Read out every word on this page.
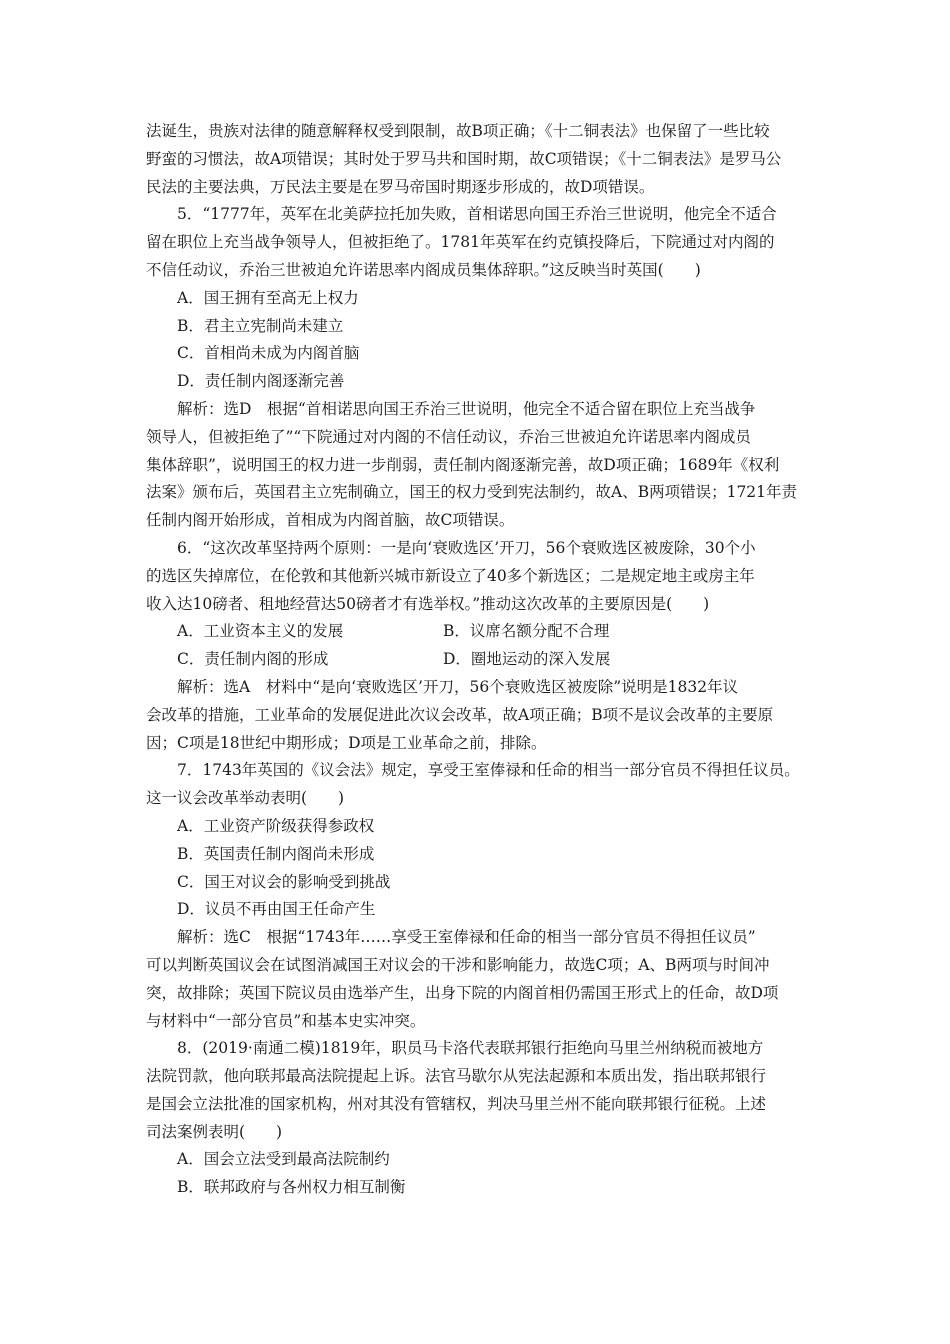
法诞生，贵族对法律的随意解释权受到限制，故B项正确；《十二铜表法》也保留了一些比较
野蛮的习惯法，故A项错误；其时处于罗马共和国时期，故C项错误；《十二铜表法》是罗马公
民法的主要法典，万民法主要是在罗马帝国时期逐步形成的，故D项错误。
5．“1777年，英军在北美萨拉托加失败，首相诺思向国王乔治三世说明，他完全不适合
留在职位上充当战争领导人，但被拒绝了。1781年英军在约克镇投降后，下院通过对内阁的
不信任动议，乔治三世被迫允许诺思率内阁成员集体辞职。”这反映当时英国(　　)
A．国王拥有至高无上权力
B．君主立宪制尚未建立
C．首相尚未成为内阁首脑
D．责任制内阁逐渐完善
解析：选D　根据“首相诺思向国王乔治三世说明，他完全不适合留在职位上充当战争
领导人，但被拒绝了”“下院通过对内阁的不信任动议，乔治三世被迫允许诺思率内阁成员
集体辞职”，说明国王的权力进一步削弱，责任制内阁逐渐完善，故D项正确；1689年《权利
法案》颁布后，英国君主立宪制确立，国王的权力受到宪法制约，故A、B两项错误；1721年责
任制内阁开始形成，首相成为内阁首脑，故C项错误。
6．“这次改革坚持两个原则：一是向‘衰败选区’开刀，56个衰败选区被废除，30个小
的选区失掉席位，在伦敦和其他新兴城市新设立了40多个新选区；二是规定地主或房主年
收入达10磅者、租地经营达50磅者才有选举权。”推动这次改革的主要原因是(　　)
A．工业资本主义的发展	B．议席名额分配不合理
C．责任制内阁的形成	D．圈地运动的深入发展
解析：选A　材料中“是向‘衰败选区’开刀，56个衰败选区被废除”说明是1832年议
会改革的措施，工业革命的发展促进此次议会改革，故A项正确；B项不是议会改革的主要原
因；C项是18世纪中期形成；D项是工业革命之前，排除。
7．1743年英国的《议会法》规定，享受王室俸禄和任命的相当一部分官员不得担任议员。
这一议会改革举动表明(　　)
A．工业资产阶级获得参政权
B．英国责任制内阁尚未形成
C．国王对议会的影响受到挑战
D．议员不再由国王任命产生
解析：选C　根据“1743年……享受王室俸禄和任命的相当一部分官员不得担任议员”
可以判断英国议会在试图消减国王对议会的干涉和影响能力，故选C项；A、B两项与时间冲
突，故排除；英国下院议员由选举产生，出身下院的内阁首相仍需国王形式上的任命，故D项
与材料中“一部分官员”和基本史实冲突。
8．(2019·南通二模)1819年，职员马卡洛代表联邦银行拒绝向马里兰州纳税而被地方
法院罚款，他向联邦最高法院提起上诉。法官马歇尔从宪法起源和本质出发，指出联邦银行
是国会立法批准的国家机构，州对其没有管辖权，判决马里兰州不能向联邦银行征税。上述
司法案例表明(　　)
A．国会立法受到最高法院制约
B．联邦政府与各州权力相互制衡
